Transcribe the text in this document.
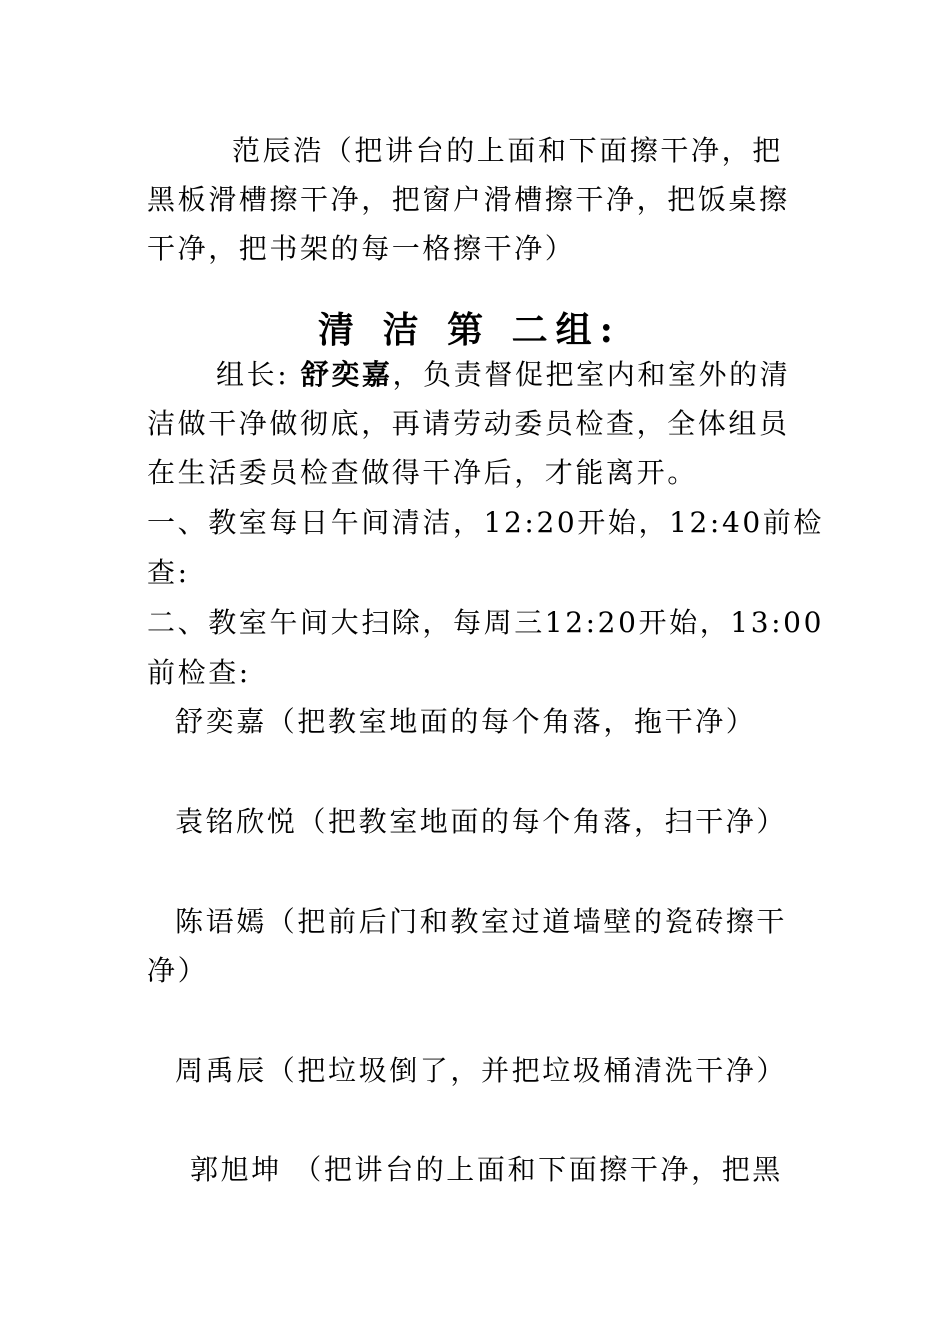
范辰浩（把讲台的上面和下面擦干净，把
黑板滑槽擦干净，把窗户滑槽擦干净，把饭桌擦
干净，把书架的每一格擦干净）
清 洁 第 二组:
组长: 舒奕嘉，负责督促把室内和室外的清
洁做干净做彻底，再请劳动委员检查，全体组员
在生活委员检查做得干净后，才能离开。
一、教室每日午间清洁，12:20开始，12:40前检
查:
二、教室午间大扫除，每周三12:20开始，13:00
前检查:
舒奕嘉（把教室地面的每个角落，拖干净）
袁铭欣悦（把教室地面的每个角落，扫干净）
陈语嫣（把前后门和教室过道墙壁的瓷砖擦干
净）
周禹辰（把垃圾倒了，并把垃圾桶清洗干净）
郭旭坤 （把讲台的上面和下面擦干净，把黑
